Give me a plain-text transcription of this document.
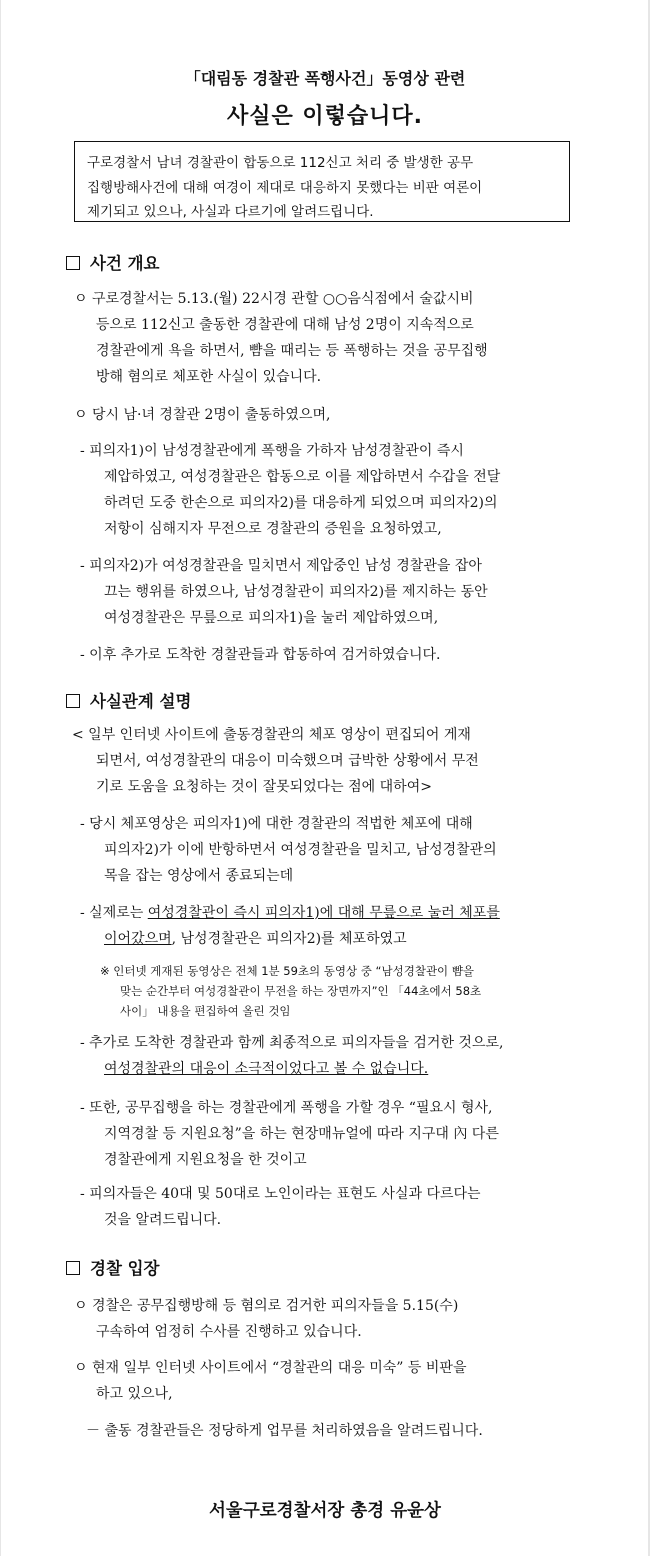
「대림동 경찰관 폭행사건」동영상 관련
사실은 이렇습니다.
구로경찰서 남녀 경찰관이 합동으로 112신고 처리 중 발생한 공무
집행방해사건에 대해 여경이 제대로 대응하지 못했다는 비판 여론이
제기되고 있으나, 사실과 다르기에 알려드립니다.
사건 개요
ㅇ 구로경찰서는 5.13.(월) 22시경 관할 ○○음식점에서 술값시비
등으로 112신고 출동한 경찰관에 대해 남성 2명이 지속적으로
경찰관에게 욕을 하면서, 뺨을 때리는 등 폭행하는 것을 공무집행
방해 혐의로 체포한 사실이 있습니다.
ㅇ 당시 남·녀 경찰관 2명이 출동하였으며,
- 피의자1)이 남성경찰관에게 폭행을 가하자 남성경찰관이 즉시
제압하였고, 여성경찰관은 합동으로 이를 제압하면서 수갑을 전달
하려던 도중 한손으로 피의자2)를 대응하게 되었으며 피의자2)의
저항이 심해지자 무전으로 경찰관의 증원을 요청하였고,
- 피의자2)가 여성경찰관을 밀치면서 제압중인 남성 경찰관을 잡아
끄는 행위를 하였으나, 남성경찰관이 피의자2)를 제지하는 동안
여성경찰관은 무릎으로 피의자1)을 눌러 제압하였으며,
- 이후 추가로 도착한 경찰관들과 합동하여 검거하였습니다.
사실관계 설명
< 일부 인터넷 사이트에 출동경찰관의 체포 영상이 편집되어 게재
되면서, 여성경찰관의 대응이 미숙했으며 급박한 상황에서 무전
기로 도움을 요청하는 것이 잘못되었다는 점에 대하여>
- 당시 체포영상은 피의자1)에 대한 경찰관의 적법한 체포에 대해
피의자2)가 이에 반항하면서 여성경찰관을 밀치고, 남성경찰관의
목을 잡는 영상에서 종료되는데
- 실제로는 여성경찰관이 즉시 피의자1)에 대해 무릎으로 눌러 체포를
이어갔으며, 남성경찰관은 피의자2)를 체포하였고
※ 인터넷 게재된 동영상은 전체 1분 59초의 동영상 중 “남성경찰관이 뺨을
맞는 순간부터 여성경찰관이 무전을 하는 장면까지”인 「44초에서 58초
사이」 내용을 편집하여 올린 것임
- 추가로 도착한 경찰관과 함께 최종적으로 피의자들을 검거한 것으로,
여성경찰관의 대응이 소극적이었다고 볼 수 없습니다.
- 또한, 공무집행을 하는 경찰관에게 폭행을 가할 경우 “필요시 형사,
지역경찰 등 지원요청”을 하는 현장매뉴얼에 따라 지구대 內 다른
경찰관에게 지원요청을 한 것이고
- 피의자들은 40대 및 50대로 노인이라는 표현도 사실과 다르다는
것을 알려드립니다.
경찰 입장
ㅇ 경찰은 공무집행방해 등 혐의로 검거한 피의자들을 5.15(수)
구속하여 엄정히 수사를 진행하고 있습니다.
ㅇ 현재 일부 인터넷 사이트에서 “경찰관의 대응 미숙” 등 비판을
하고 있으나,
－ 출동 경찰관들은 정당하게 업무를 처리하였음을 알려드립니다.
서울구로경찰서장 총경 유윤상
